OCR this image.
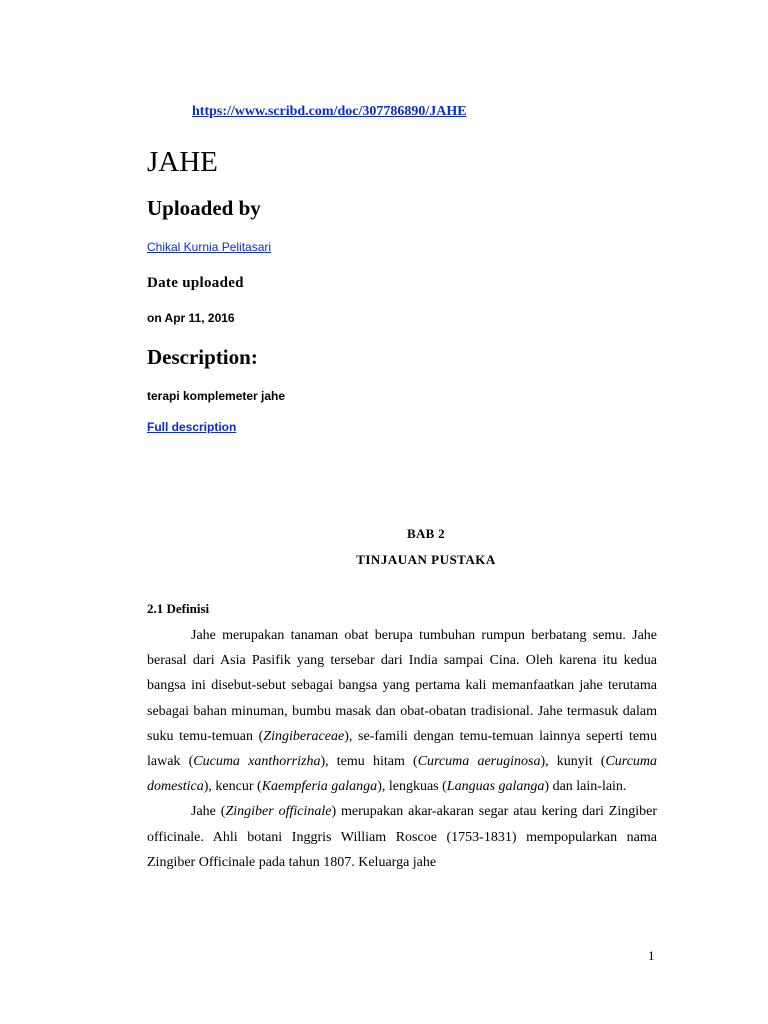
https://www.scribd.com/doc/307786890/JAHE
JAHE
Uploaded by
Chikal Kurnia Pelitasari
Date uploaded
on Apr 11, 2016
Description:
terapi komplemeter jahe
Full description
BAB 2
TINJAUAN PUSTAKA
2.1 Definisi

Jahe merupakan tanaman obat berupa tumbuhan rumpun berbatang semu. Jahe berasal dari Asia Pasifik yang tersebar dari India sampai Cina. Oleh karena itu kedua bangsa ini disebut-sebut sebagai bangsa yang pertama kali memanfaatkan jahe terutama sebagai bahan minuman, bumbu masak dan obat-obatan tradisional. Jahe termasuk dalam suku temu-temuan (Zingiberaceae), se-famili dengan temu-temuan lainnya seperti temu lawak (Cucuma xanthorrizha), temu hitam (Curcuma aeruginosa), kunyit (Curcuma domestica), kencur (Kaempferia galanga), lengkuas (Languas galanga) dan lain-lain.

Jahe (Zingiber officinale) merupakan akar-akaran segar atau kering dari Zingiber officinale. Ahli botani Inggris William Roscoe (1753-1831) mempopularkan nama Zingiber Officinale pada tahun 1807. Keluarga jahe

1
